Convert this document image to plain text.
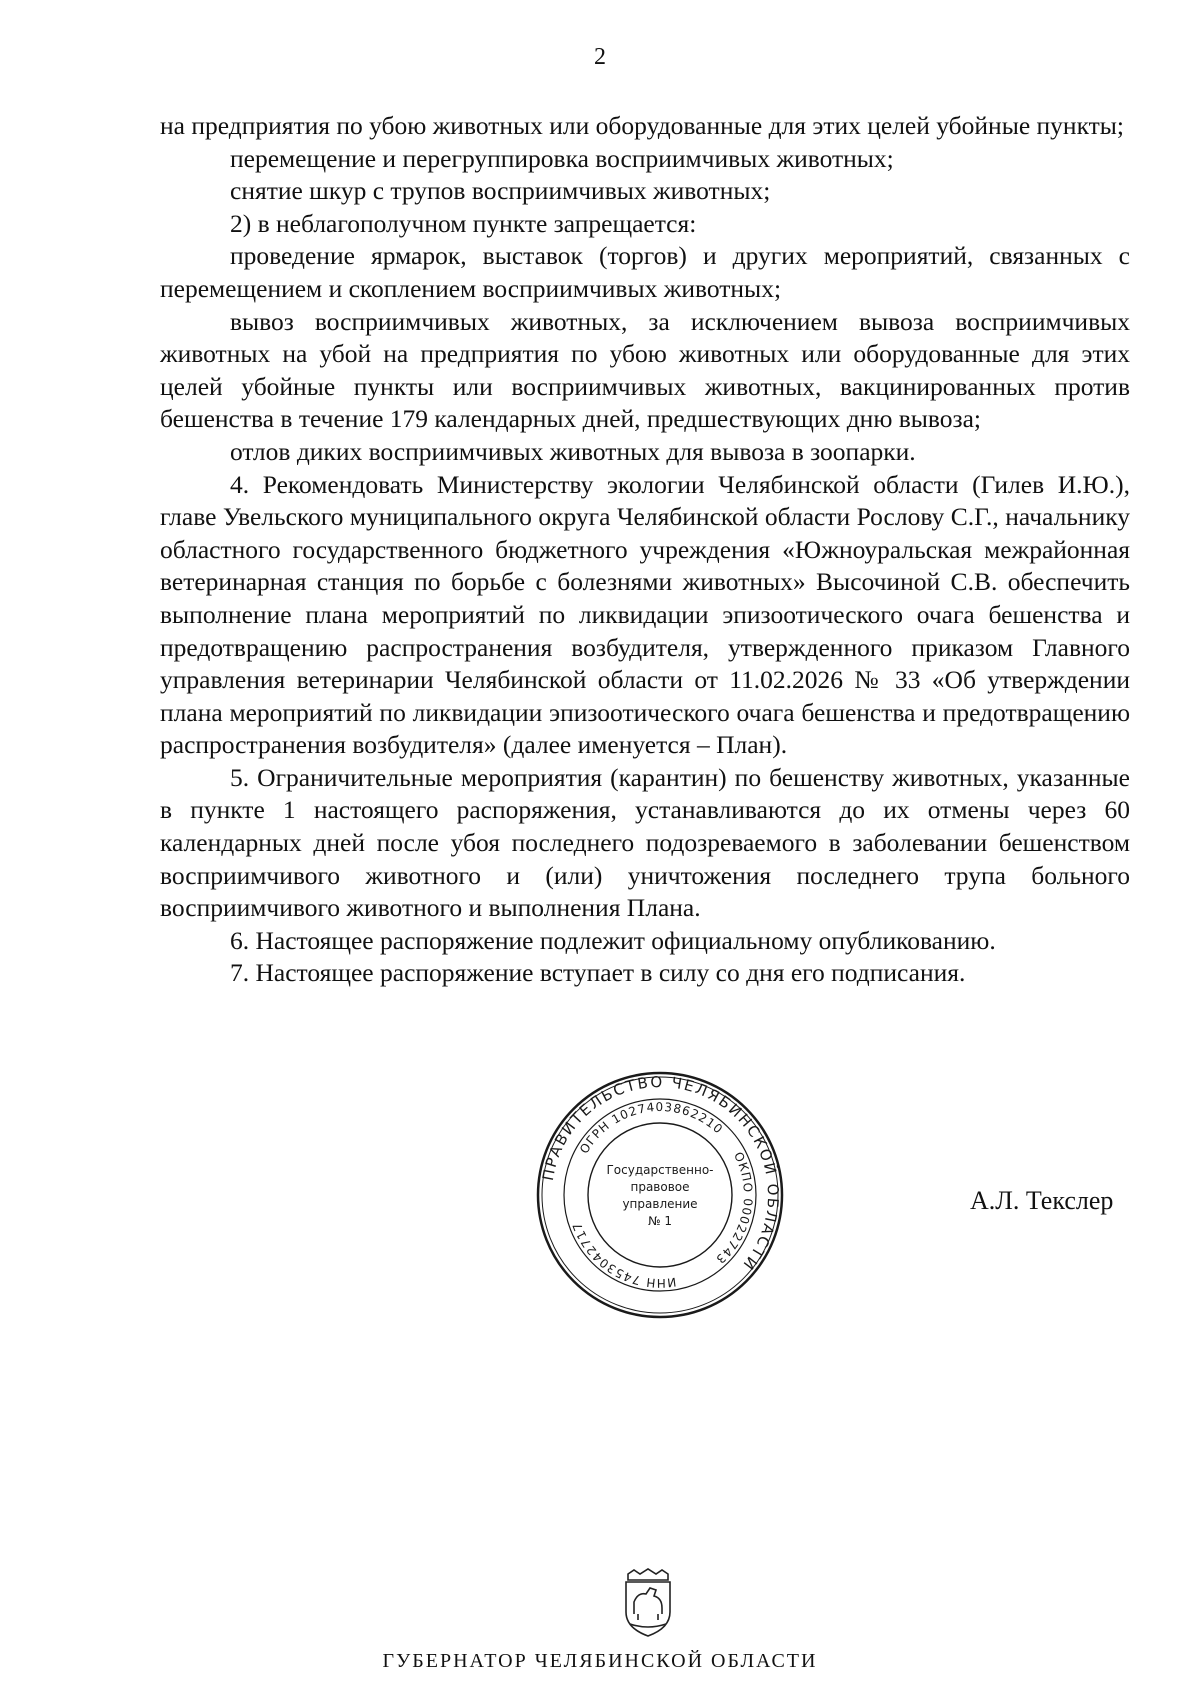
2

на предприятия по убою животных или оборудованные для этих целей убойные пункты;

перемещение и перегруппировка восприимчивых животных;

снятие шкур с трупов восприимчивых животных;

2) в неблагополучном пункте запрещается:

проведение ярмарок, выставок (торгов) и других мероприятий, связанных с перемещением и скоплением восприимчивых животных;

вывоз восприимчивых животных, за исключением вывоза восприимчивых животных на убой на предприятия по убою животных или оборудованные для этих целей убойные пункты или восприимчивых животных, вакцинированных против бешенства в течение 179 календарных дней, предшествующих дню вывоза;

отлов диких восприимчивых животных для вывоза в зоопарки.

4. Рекомендовать Министерству экологии Челябинской области (Гилев И.Ю.), главе Увельского муниципального округа Челябинской области Рослову С.Г., начальнику областного государственного бюджетного учреждения «Южноуральская межрайонная ветеринарная станция по борьбе с болезнями животных» Высочиной С.В. обеспечить выполнение плана мероприятий по ликвидации эпизоотического очага бешенства и предотвращению распространения возбудителя, утвержденного приказом Главного управления ветеринарии Челябинской области от 11.02.2026 № 33 «Об утверждении плана мероприятий по ликвидации эпизоотического очага бешенства и предотвращению распространения возбудителя» (далее именуется – План).

5. Ограничительные мероприятия (карантин) по бешенству животных, указанные в пункте 1 настоящего распоряжения, устанавливаются до их отмены через 60 календарных дней после убоя последнего подозреваемого в заболевании бешенством восприимчивого животного и (или) уничтожения последнего трупа больного восприимчивого животного и выполнения Плана.

6. Настоящее распоряжение подлежит официальному опубликованию.

7. Настоящее распоряжение вступает в силу со дня его подписания.

ПРАВИТЕЛЬСТВО ЧЕЛЯБИНСКОЙ ОБЛАСТИ
ОГРН 1027403862210
ОКПО 00022743
ИНН 7453042717
Государственно-
правовое
управление
№ 1
А.Л. Текслер
ГУБЕРНАТОР ЧЕЛЯБИНСКОЙ ОБЛАСТИ
